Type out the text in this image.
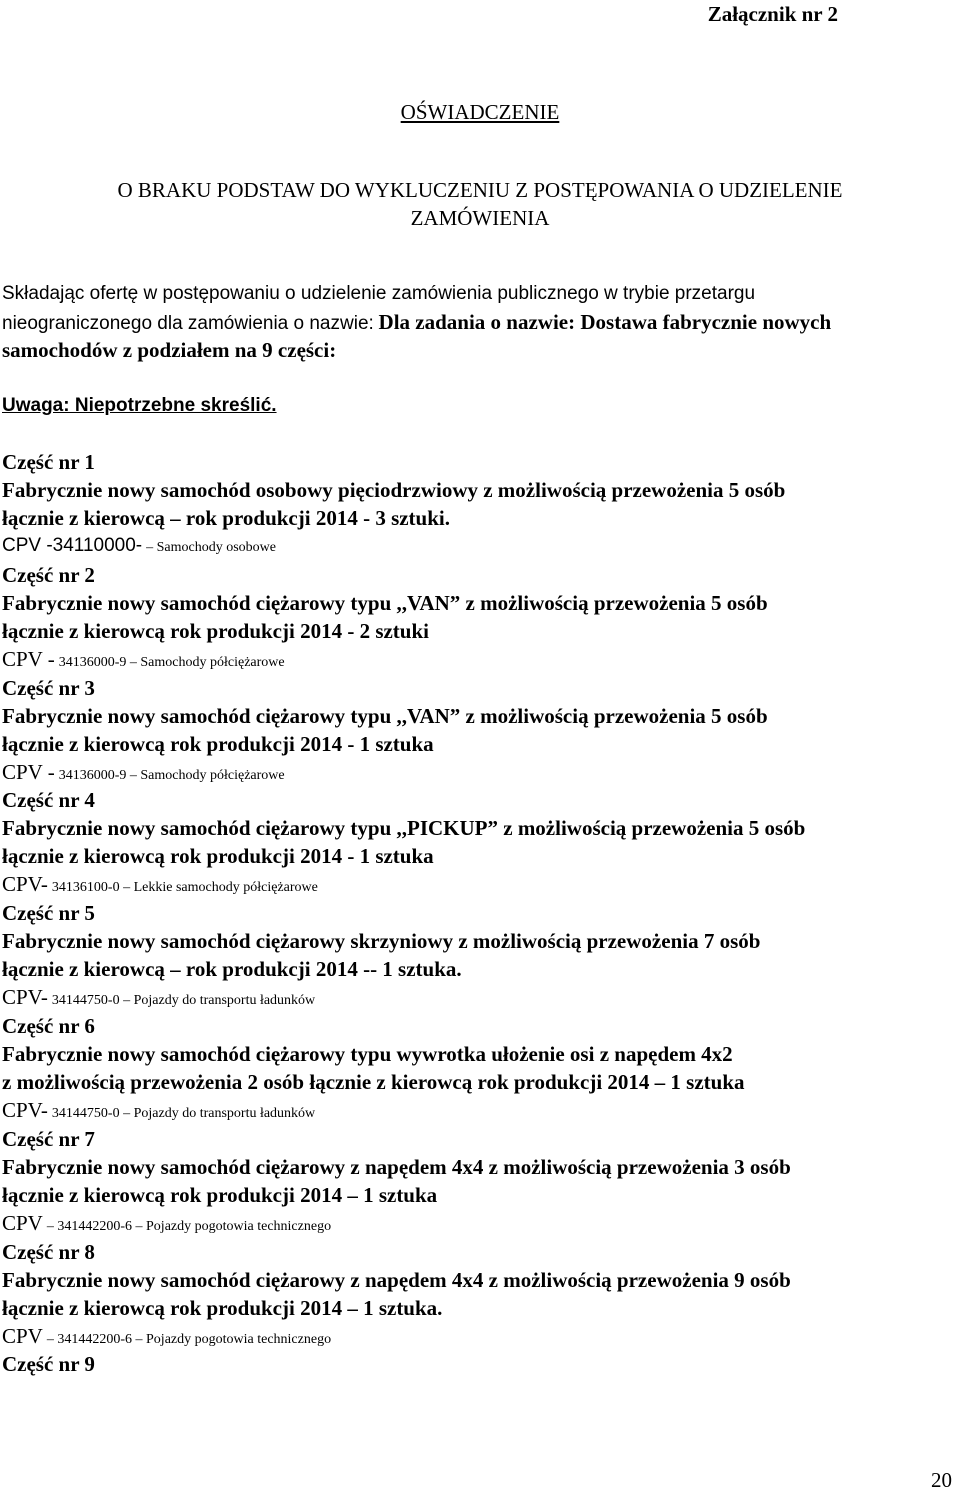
Załącznik nr 2
OŚWIADCZENIE
O BRAKU PODSTAW DO WYKLUCZENIU Z POSTĘPOWANIA O UDZIELENIE
ZAMÓWIENIA
Składając ofertę w postępowaniu o udzielenie zamówienia publicznego w trybie przetargu
nieograniczonego dla zamówienia o nazwie: Dla zadania o nazwie: Dostawa fabrycznie nowych
samochodów z podziałem na 9 części:
Uwaga: Niepotrzebne skreślić.
Część nr 1
Fabrycznie nowy samochód osobowy pięciodrzwiowy z możliwością przewożenia 5 osób
łącznie z kierowcą – rok produkcji 2014 - 3 sztuki.
CPV -34110000- – Samochody osobowe
Część nr 2
Fabrycznie nowy samochód ciężarowy typu ,,VAN” z możliwością przewożenia 5 osób
łącznie z kierowcą rok produkcji 2014 - 2 sztuki
CPV - 34136000-9 – Samochody półciężarowe
Część nr 3
Fabrycznie nowy samochód ciężarowy typu ,,VAN” z możliwością przewożenia 5 osób
łącznie z kierowcą rok produkcji 2014 - 1 sztuka
CPV - 34136000-9 – Samochody półciężarowe
Część nr 4
Fabrycznie nowy samochód ciężarowy typu ,,PICKUP” z możliwością przewożenia 5 osób
łącznie z kierowcą rok produkcji 2014 - 1 sztuka
CPV- 34136100-0 – Lekkie samochody półciężarowe
Część nr 5
Fabrycznie nowy samochód ciężarowy skrzyniowy z możliwością przewożenia 7 osób
łącznie z kierowcą – rok produkcji 2014 -- 1 sztuka.
CPV- 34144750-0 – Pojazdy do transportu ładunków
Część nr 6
Fabrycznie nowy samochód ciężarowy typu wywrotka ułożenie osi z napędem 4x2
z możliwością przewożenia 2 osób łącznie z kierowcą rok produkcji 2014 – 1 sztuka
CPV- 34144750-0 – Pojazdy do transportu ładunków
Część nr 7
Fabrycznie nowy samochód ciężarowy z napędem 4x4 z możliwością przewożenia 3 osób
łącznie z kierowcą rok produkcji 2014 – 1 sztuka
CPV – 341442200-6 – Pojazdy pogotowia technicznego
Część nr 8
Fabrycznie nowy samochód ciężarowy z napędem 4x4 z możliwością przewożenia 9 osób
łącznie z kierowcą rok produkcji 2014 – 1 sztuka.
CPV – 341442200-6 – Pojazdy pogotowia technicznego
Część nr 9
20
